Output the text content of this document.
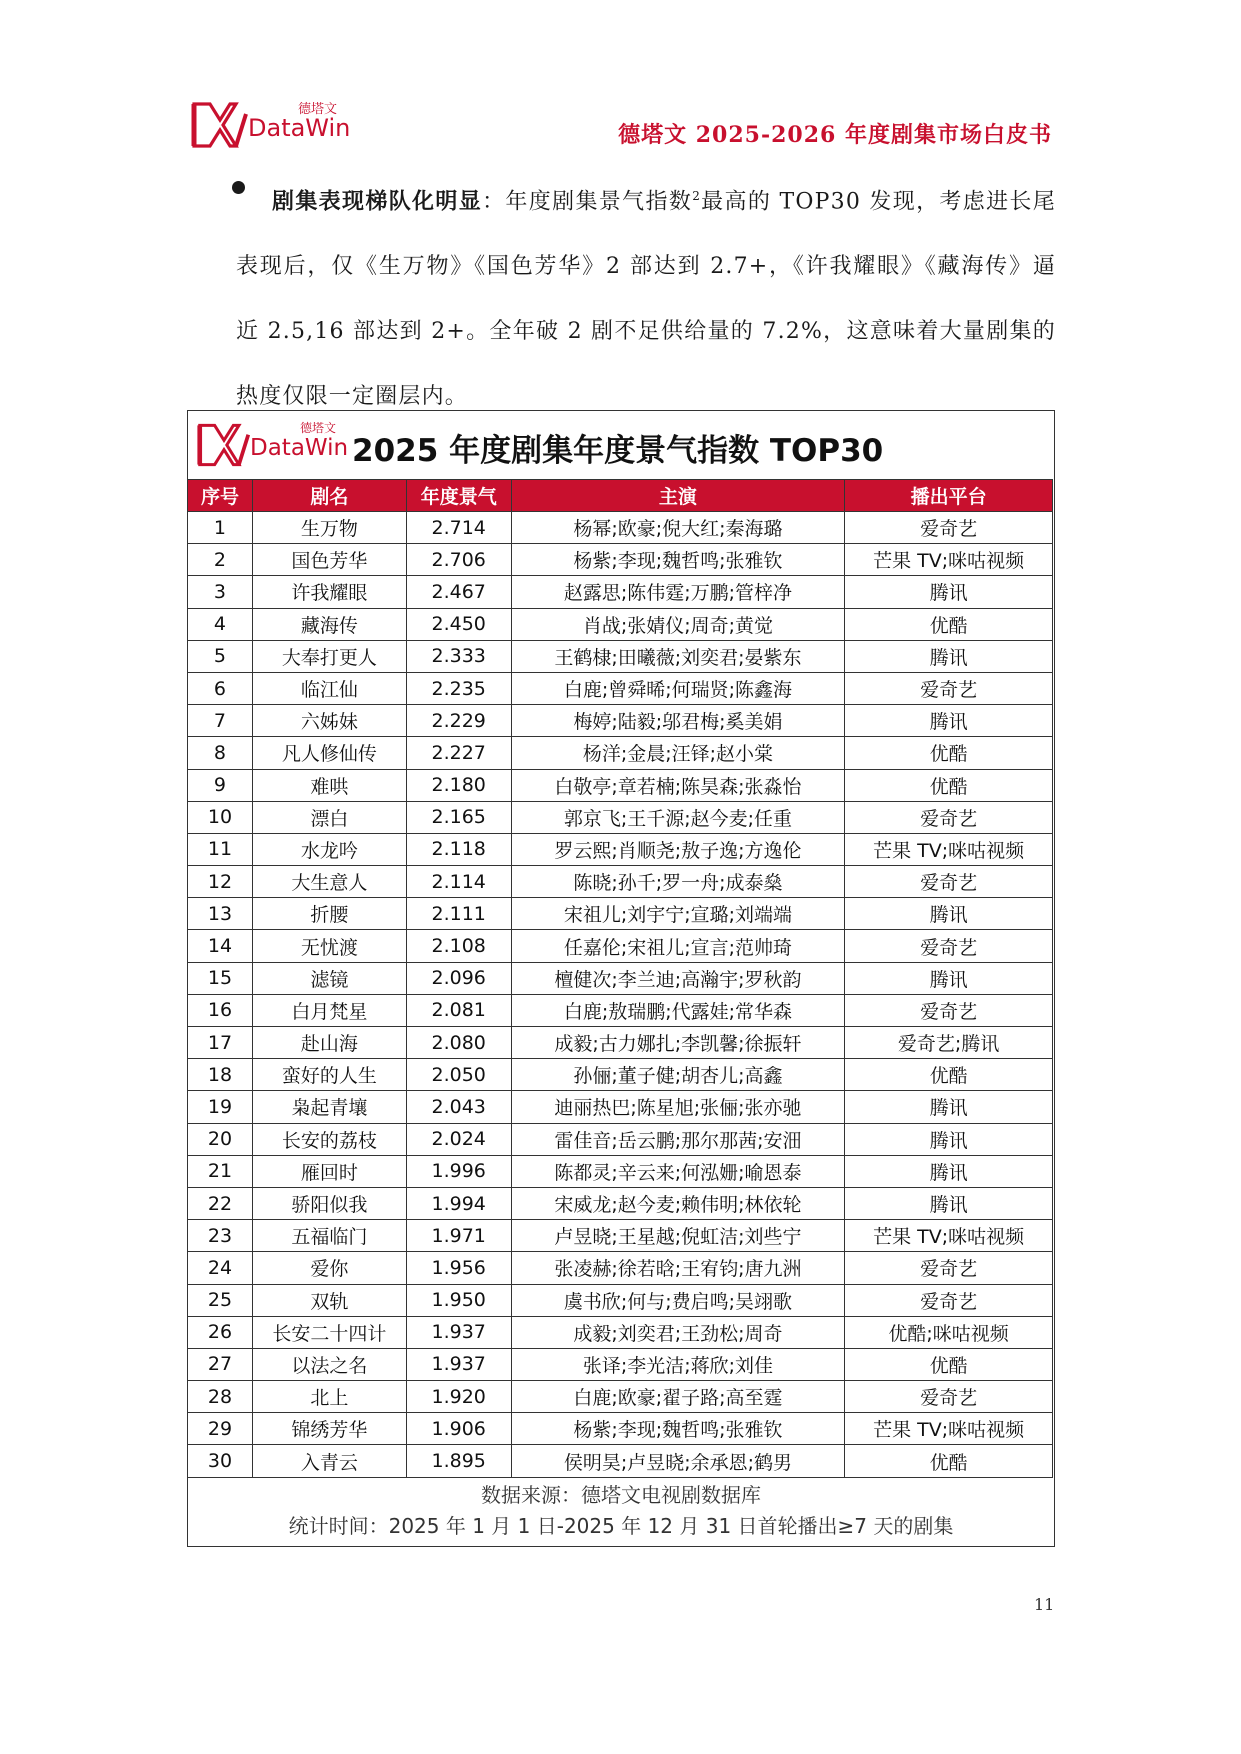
德塔文
DataWin	德塔文 2025-2026 年度剧集市场白皮书
剧集表现梯队化明显：年度剧集景气指数$^2$最高的 TOP30 发现，考虑进长尾表现后，仅《生万物》《国色芳华》2 部达到 2.7+，《许我耀眼》《藏海传》逼近 2.5,16 部达到 2+。全年破 2 剧不足供给量的 7.2%，这意味着大量剧集的热度仅限一定圈层内。
德塔文
DataWin 2025 年度剧集年度景气指数 TOP30
序号	剧名	年度景气	主演	播出平台
1	生万物	2.714	杨幂;欧豪;倪大红;秦海璐	爱奇艺
2	国色芳华	2.706	杨紫;李现;魏哲鸣;张雅钦	芒果 TV;咪咕视频
3	许我耀眼	2.467	赵露思;陈伟霆;万鹏;管梓净	腾讯
4	藏海传	2.450	肖战;张婧仪;周奇;黄觉	优酷
5	大奉打更人	2.333	王鹤棣;田曦薇;刘奕君;晏紫东	腾讯
6	临江仙	2.235	白鹿;曾舜晞;何瑞贤;陈鑫海	爱奇艺
7	六姊妹	2.229	梅婷;陆毅;邬君梅;奚美娟	腾讯
8	凡人修仙传	2.227	杨洋;金晨;汪铎;赵小棠	优酷
9	难哄	2.180	白敬亭;章若楠;陈昊森;张淼怡	优酷
10	漂白	2.165	郭京飞;王千源;赵今麦;任重	爱奇艺
11	水龙吟	2.118	罗云熙;肖顺尧;敖子逸;方逸伦	芒果 TV;咪咕视频
12	大生意人	2.114	陈晓;孙千;罗一舟;成泰燊	爱奇艺
13	折腰	2.111	宋祖儿;刘宇宁;宣璐;刘端端	腾讯
14	无忧渡	2.108	任嘉伦;宋祖儿;宣言;范帅琦	爱奇艺
15	滤镜	2.096	檀健次;李兰迪;高瀚宇;罗秋韵	腾讯
16	白月梵星	2.081	白鹿;敖瑞鹏;代露娃;常华森	爱奇艺
17	赴山海	2.080	成毅;古力娜扎;李凯馨;徐振轩	爱奇艺;腾讯
18	蛮好的人生	2.050	孙俪;董子健;胡杏儿;高鑫	优酷
19	枭起青壤	2.043	迪丽热巴;陈星旭;张俪;张亦驰	腾讯
20	长安的荔枝	2.024	雷佳音;岳云鹏;那尔那茜;安沺	腾讯
21	雁回时	1.996	陈都灵;辛云来;何泓姗;喻恩泰	腾讯
22	骄阳似我	1.994	宋威龙;赵今麦;赖伟明;林依轮	腾讯
23	五福临门	1.971	卢昱晓;王星越;倪虹洁;刘些宁	芒果 TV;咪咕视频
24	爱你	1.956	张凌赫;徐若晗;王宥钧;唐九洲	爱奇艺
25	双轨	1.950	虞书欣;何与;费启鸣;吴翊歌	爱奇艺
26	长安二十四计	1.937	成毅;刘奕君;王劲松;周奇	优酷;咪咕视频
27	以法之名	1.937	张译;李光洁;蒋欣;刘佳	优酷
28	北上	1.920	白鹿;欧豪;翟子路;高至霆	爱奇艺
29	锦绣芳华	1.906	杨紫;李现;魏哲鸣;张雅钦	芒果 TV;咪咕视频
30	入青云	1.895	侯明昊;卢昱晓;余承恩;鹤男	优酷
数据来源：德塔文电视剧数据库
统计时间：2025 年 1 月 1 日-2025 年 12 月 31 日首轮播出≥7 天的剧集
11
